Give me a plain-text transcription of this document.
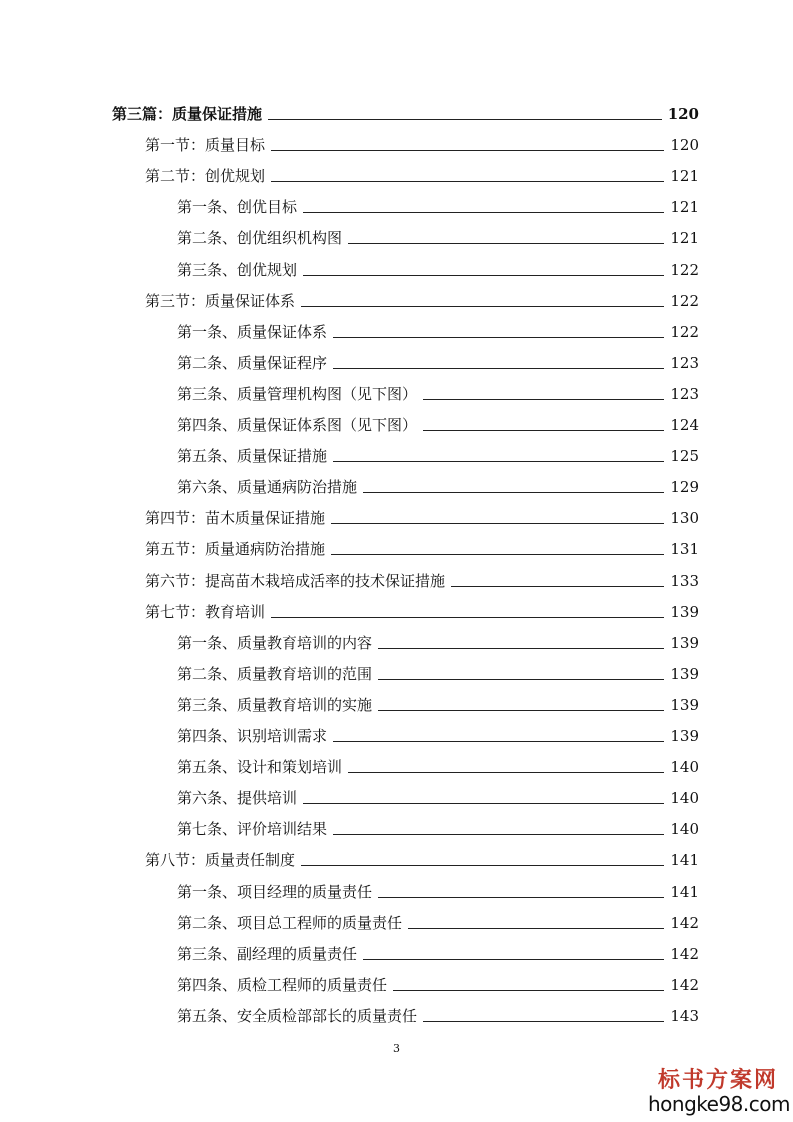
第三篇：质量保证措施	120
第一节：质量目标	120
第二节：创优规划	121
第一条、创优目标	121
第二条、创优组织机构图	121
第三条、创优规划	122
第三节：质量保证体系	122
第一条、质量保证体系	122
第二条、质量保证程序	123
第三条、质量管理机构图（见下图）	123
第四条、质量保证体系图（见下图）	124
第五条、质量保证措施	125
第六条、质量通病防治措施	129
第四节：苗木质量保证措施	130
第五节：质量通病防治措施	131
第六节：提高苗木栽培成活率的技术保证措施	133
第七节：教育培训	139
第一条、质量教育培训的内容	139
第二条、质量教育培训的范围	139
第三条、质量教育培训的实施	139
第四条、识别培训需求	139
第五条、设计和策划培训	140
第六条、提供培训	140
第七条、评价培训结果	140
第八节：质量责任制度	141
第一条、项目经理的质量责任	141
第二条、项目总工程师的质量责任	142
第三条、副经理的质量责任	142
第四条、质检工程师的质量责任	142
第五条、安全质检部部长的质量责任	143
3
标书方案网
hongke98.com
